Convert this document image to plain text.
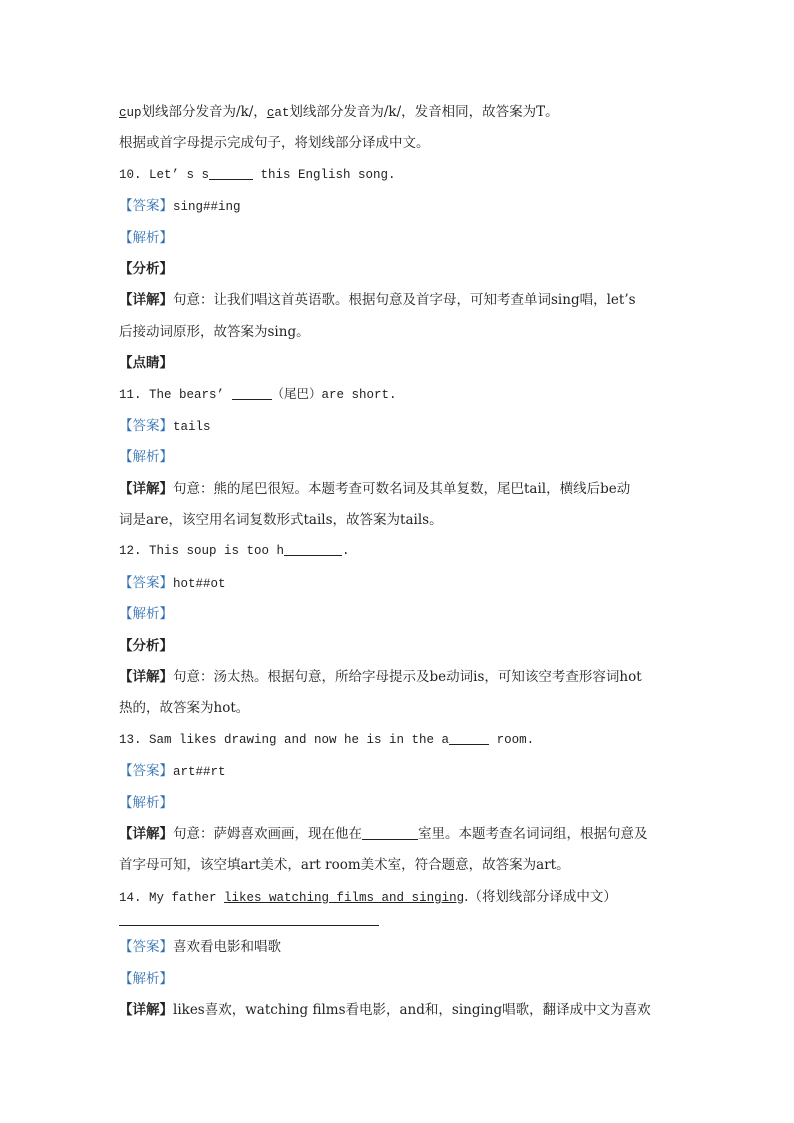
cup划线部分发音为/k/，cat划线部分发音为/k/，发音相同，故答案为T。
根据或首字母提示完成句子，将划线部分译成中文。
10. Let’ s s	this English song.
【答案】sing##ing
【解析】
【分析】
【详解】句意：让我们唱这首英语歌。根据句意及首字母，可知考查单词sing唱，let’s
后接动词原形，故答案为sing。
【点睛】
11. The bears’	（尾巴）are short.
【答案】tails
【解析】
【详解】句意：熊的尾巴很短。本题考查可数名词及其单复数，尾巴tail，横线后be动
词是are，该空用名词复数形式tails，故答案为tails。
12. This soup is too h	.
【答案】hot##ot
【解析】
【分析】
【详解】句意：汤太热。根据句意，所给字母提示及be动词is，可知该空考查形容词hot
热的，故答案为hot。
13. Sam likes drawing and now he is in the a	room.
【答案】art##rt
【解析】
【详解】句意：萨姆喜欢画画，现在他在	室里。本题考查名词词组，根据句意及
首字母可知，该空填art美术，art room美术室，符合题意，故答案为art。
14. My father likes watching films and singing.（将划线部分译成中文）
【答案】喜欢看电影和唱歌
【解析】
【详解】likes喜欢，watching films看电影，and和，singing唱歌，翻译成中文为喜欢
